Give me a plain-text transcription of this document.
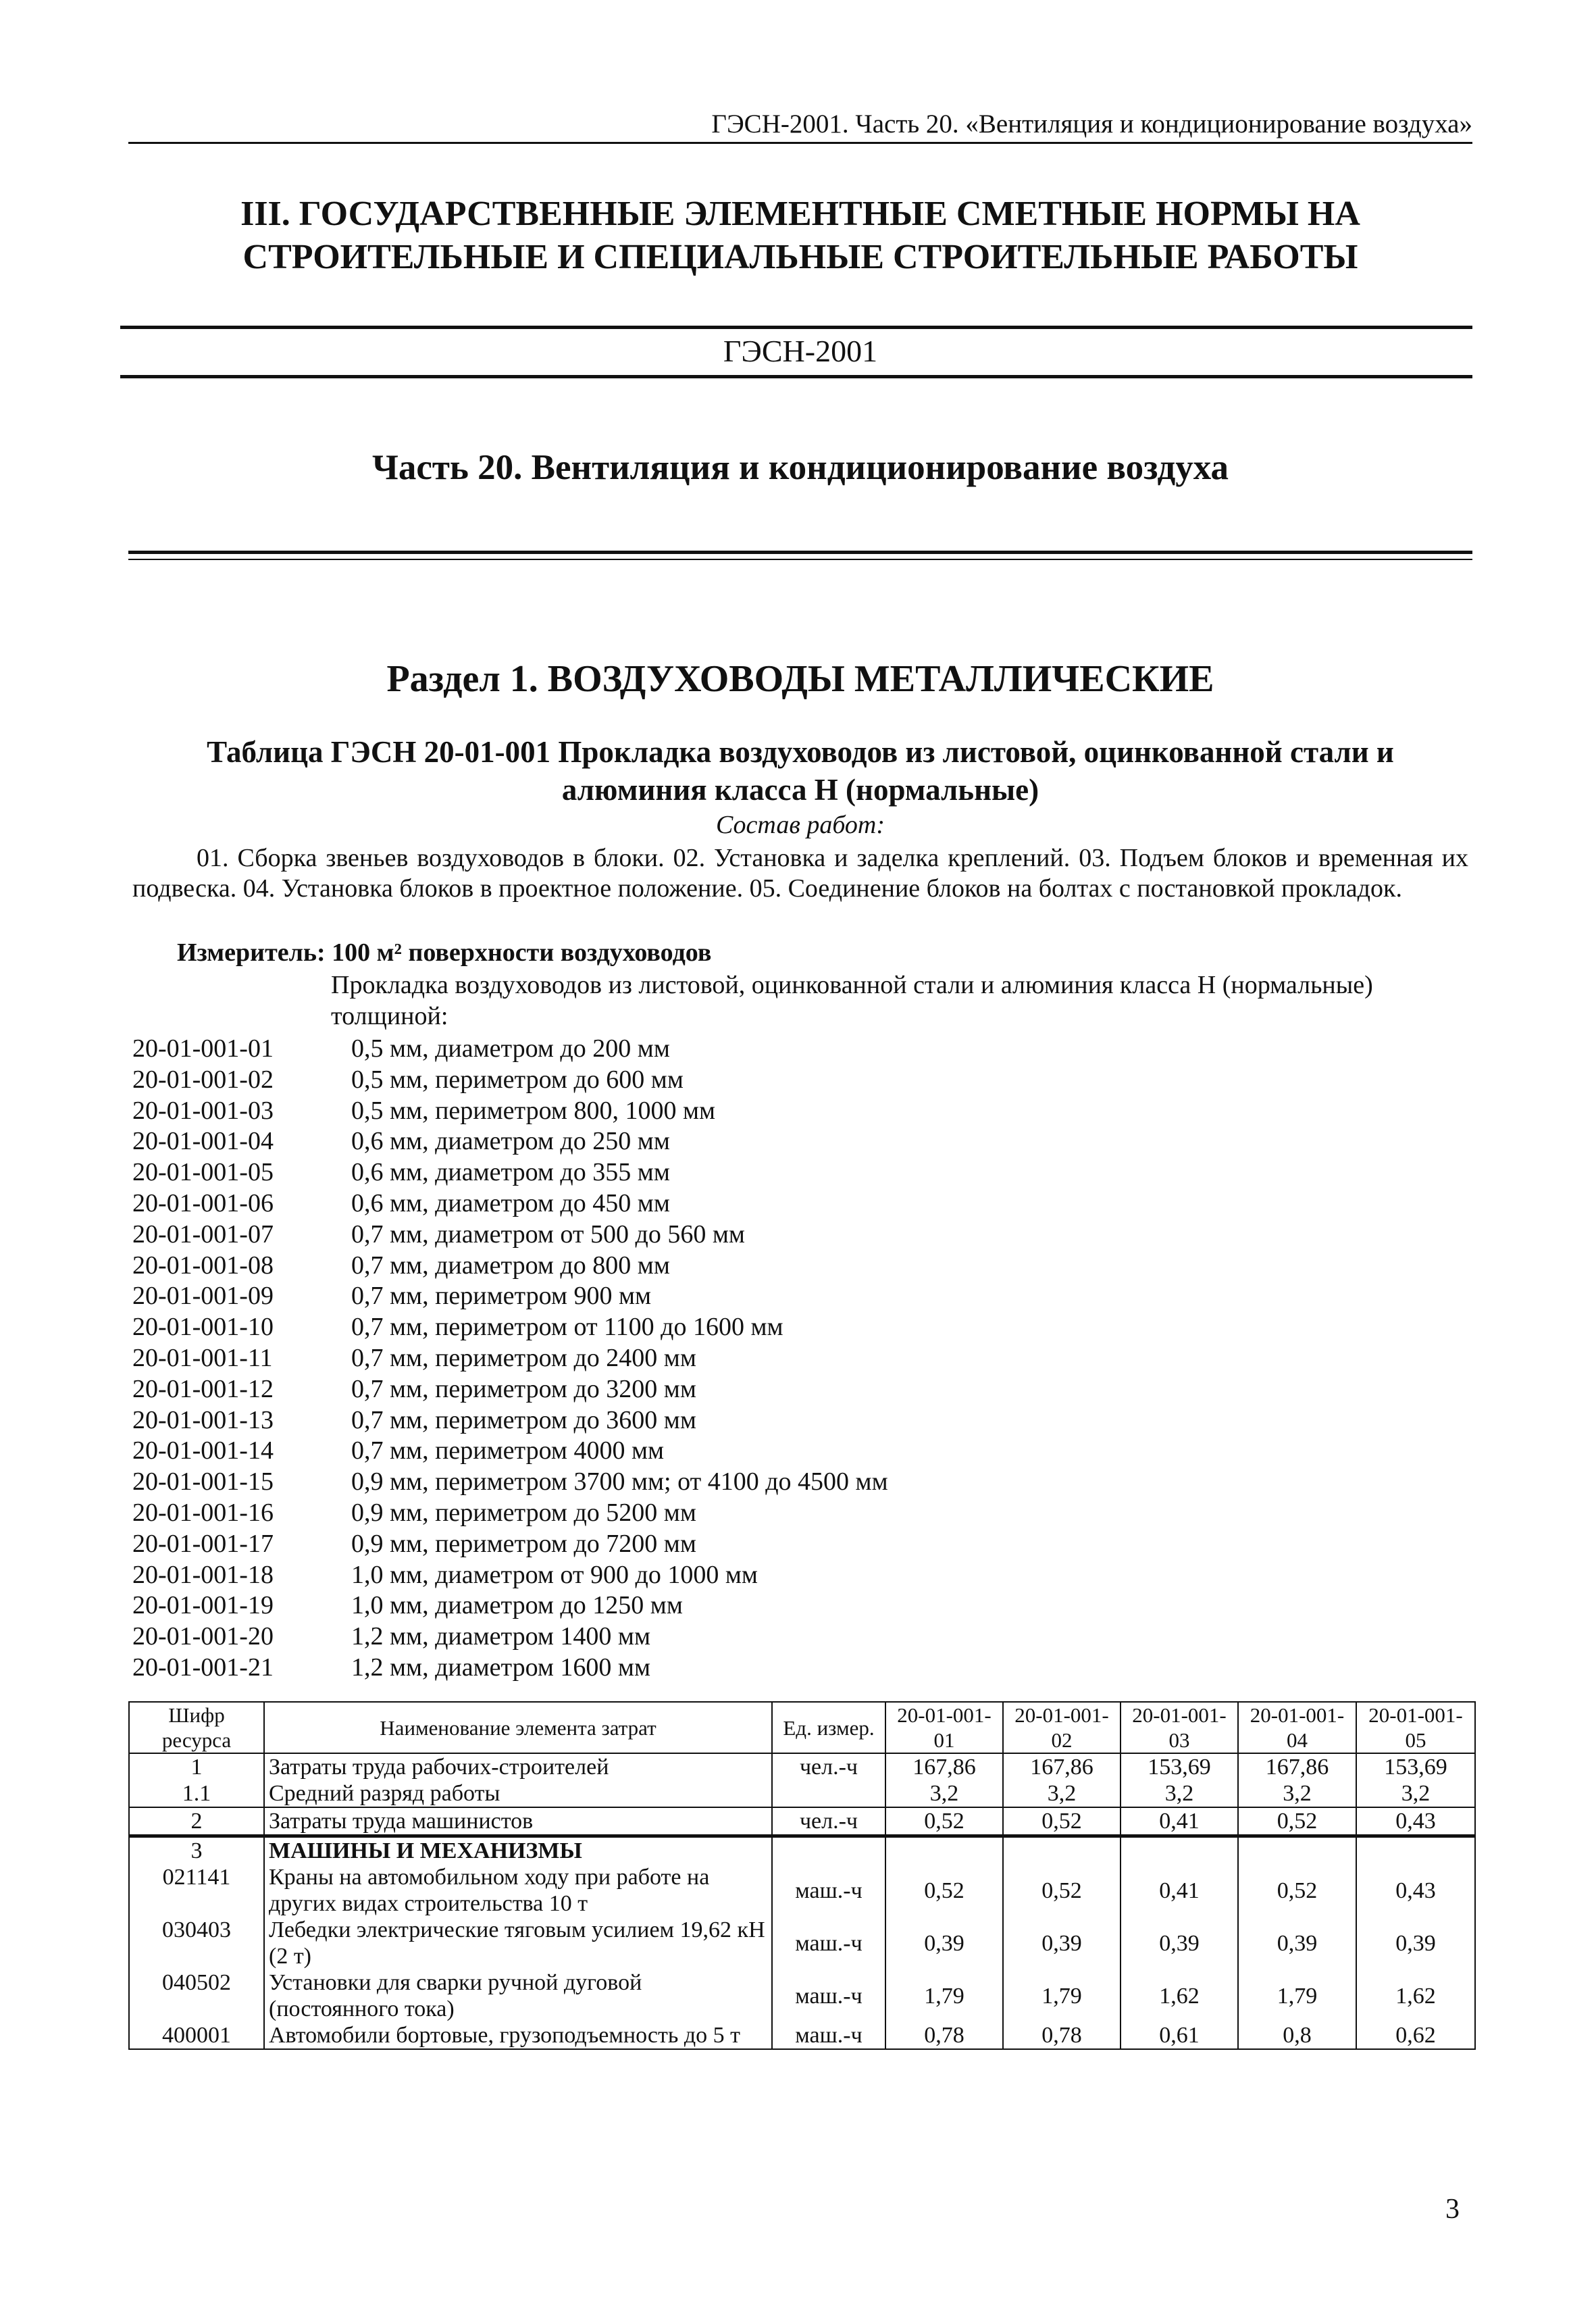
ГЭСН-2001. Часть 20. «Вентиляция и кондиционирование воздуха»
III. ГОСУДАРСТВЕННЫЕ ЭЛЕМЕНТНЫЕ СМЕТНЫЕ НОРМЫ НА
СТРОИТЕЛЬНЫЕ И СПЕЦИАЛЬНЫЕ СТРОИТЕЛЬНЫЕ РАБОТЫ
ГЭСН-2001
Часть 20. Вентиляция и кондиционирование воздуха
Раздел 1. ВОЗДУХОВОДЫ МЕТАЛЛИЧЕСКИЕ
Таблица ГЭСН 20-01-001 Прокладка воздуховодов из листовой, оцинкованной стали и
алюминия класса Н (нормальные)
Состав работ:
01. Сборка звеньев воздуховодов в блоки. 02. Установка и заделка креплений. 03. Подъем блоков и временная их подвеска. 04. Установка блоков в проектное положение. 05. Соединение блоков на болтах с постановкой прокладок.
Измеритель: 100 м² поверхности воздуховодов
Прокладка воздуховодов из листовой, оцинкованной стали и алюминия класса Н (нормальные) толщиной:
20-01-001-01	0,5 мм, диаметром до 200 мм
20-01-001-02	0,5 мм, периметром до 600 мм
20-01-001-03	0,5 мм, периметром 800, 1000 мм
20-01-001-04	0,6 мм, диаметром до 250 мм
20-01-001-05	0,6 мм, диаметром до 355 мм
20-01-001-06	0,6 мм, диаметром до 450 мм
20-01-001-07	0,7 мм, диаметром от 500 до 560 мм
20-01-001-08	0,7 мм, диаметром до 800 мм
20-01-001-09	0,7 мм, периметром 900 мм
20-01-001-10	0,7 мм, периметром от 1100 до 1600 мм
20-01-001-11	0,7 мм, периметром до 2400 мм
20-01-001-12	0,7 мм, периметром до 3200 мм
20-01-001-13	0,7 мм, периметром до 3600 мм
20-01-001-14	0,7 мм, периметром 4000 мм
20-01-001-15	0,9 мм, периметром 3700 мм; от 4100 до 4500 мм
20-01-001-16	0,9 мм, периметром до 5200 мм
20-01-001-17	0,9 мм, периметром до 7200 мм
20-01-001-18	1,0 мм, диаметром от 900 до 1000 мм
20-01-001-19	1,0 мм, диаметром до 1250 мм
20-01-001-20	1,2 мм, диаметром 1400 мм
20-01-001-21	1,2 мм, диаметром 1600 мм
Шифр ресурса	Наименование элемента затрат	Ед. измер.	20-01-001-01	20-01-001-02	20-01-001-03	20-01-001-04	20-01-001-05
1	Затраты труда рабочих-строителей	чел.-ч	167,86	167,86	153,69	167,86	153,69
1.1	Средний разряд работы		3,2	3,2	3,2	3,2	3,2
2	Затраты труда машинистов	чел.-ч	0,52	0,52	0,41	0,52	0,43
3	МАШИНЫ И МЕХАНИЗМЫ						
021141	Краны на автомобильном ходу при работе на других видах строительства 10 т	маш.-ч	0,52	0,52	0,41	0,52	0,43
030403	Лебедки электрические тяговым усилием 19,62 кН (2 т)	маш.-ч	0,39	0,39	0,39	0,39	0,39
040502	Установки для сварки ручной дуговой (постоянного тока)	маш.-ч	1,79	1,79	1,62	1,79	1,62
400001	Автомобили бортовые, грузоподъемность до 5 т	маш.-ч	0,78	0,78	0,61	0,8	0,62
3
